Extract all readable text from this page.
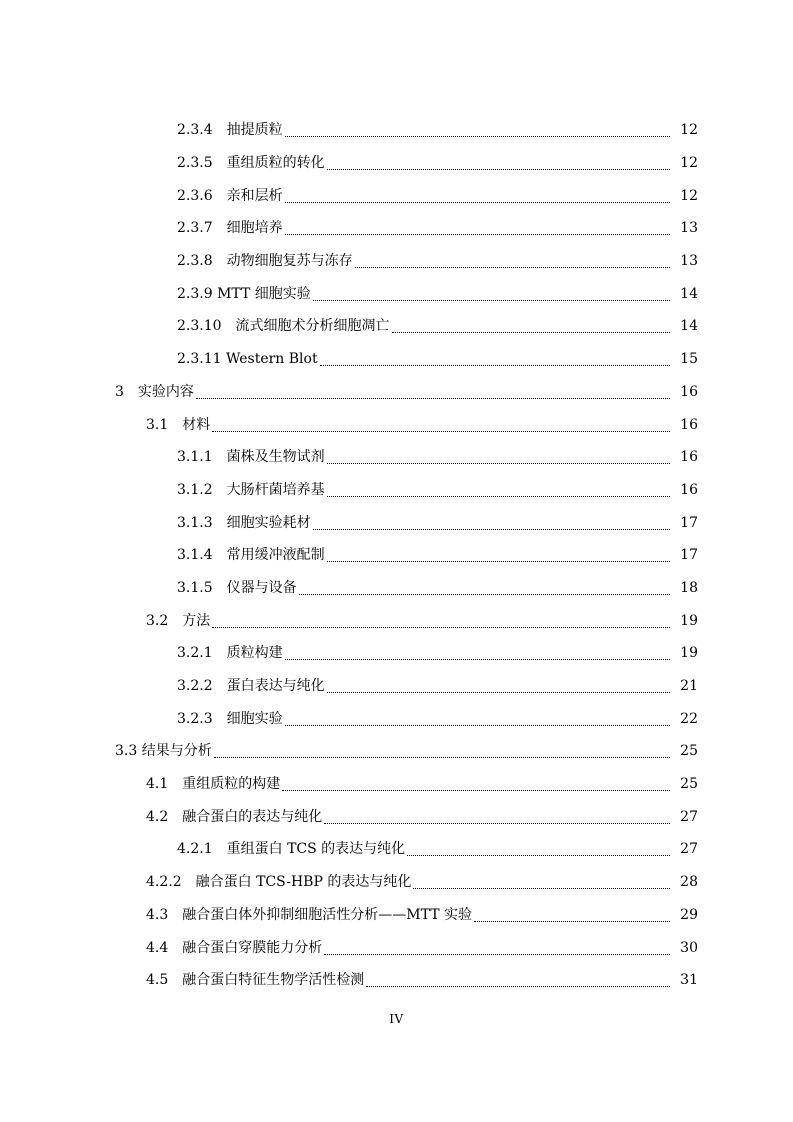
2.3.4　抽提质粒	12
2.3.5　重组质粒的转化	12
2.3.6　亲和层析	12
2.3.7　细胞培养	13
2.3.8　动物细胞复苏与冻存	13
2.3.9 MTT 细胞实验	14
2.3.10　流式细胞术分析细胞凋亡	14
2.3.11 Western Blot	15
3　实验内容	16
3.1　材料	16
3.1.1　菌株及生物试剂	16
3.1.2　大肠杆菌培养基	16
3.1.3　细胞实验耗材	17
3.1.4　常用缓冲液配制	17
3.1.5　仪器与设备	18
3.2　方法	19
3.2.1　质粒构建	19
3.2.2　蛋白表达与纯化	21
3.2.3　细胞实验	22
3.3 结果与分析	25
4.1　重组质粒的构建	25
4.2　融合蛋白的表达与纯化	27
4.2.1　重组蛋白 TCS 的表达与纯化	27
4.2.2　融合蛋白 TCS-HBP 的表达与纯化	28
4.3　融合蛋白体外抑制细胞活性分析——MTT 实验	29
4.4　融合蛋白穿膜能力分析	30
4.5　融合蛋白特征生物学活性检测	31
IV
